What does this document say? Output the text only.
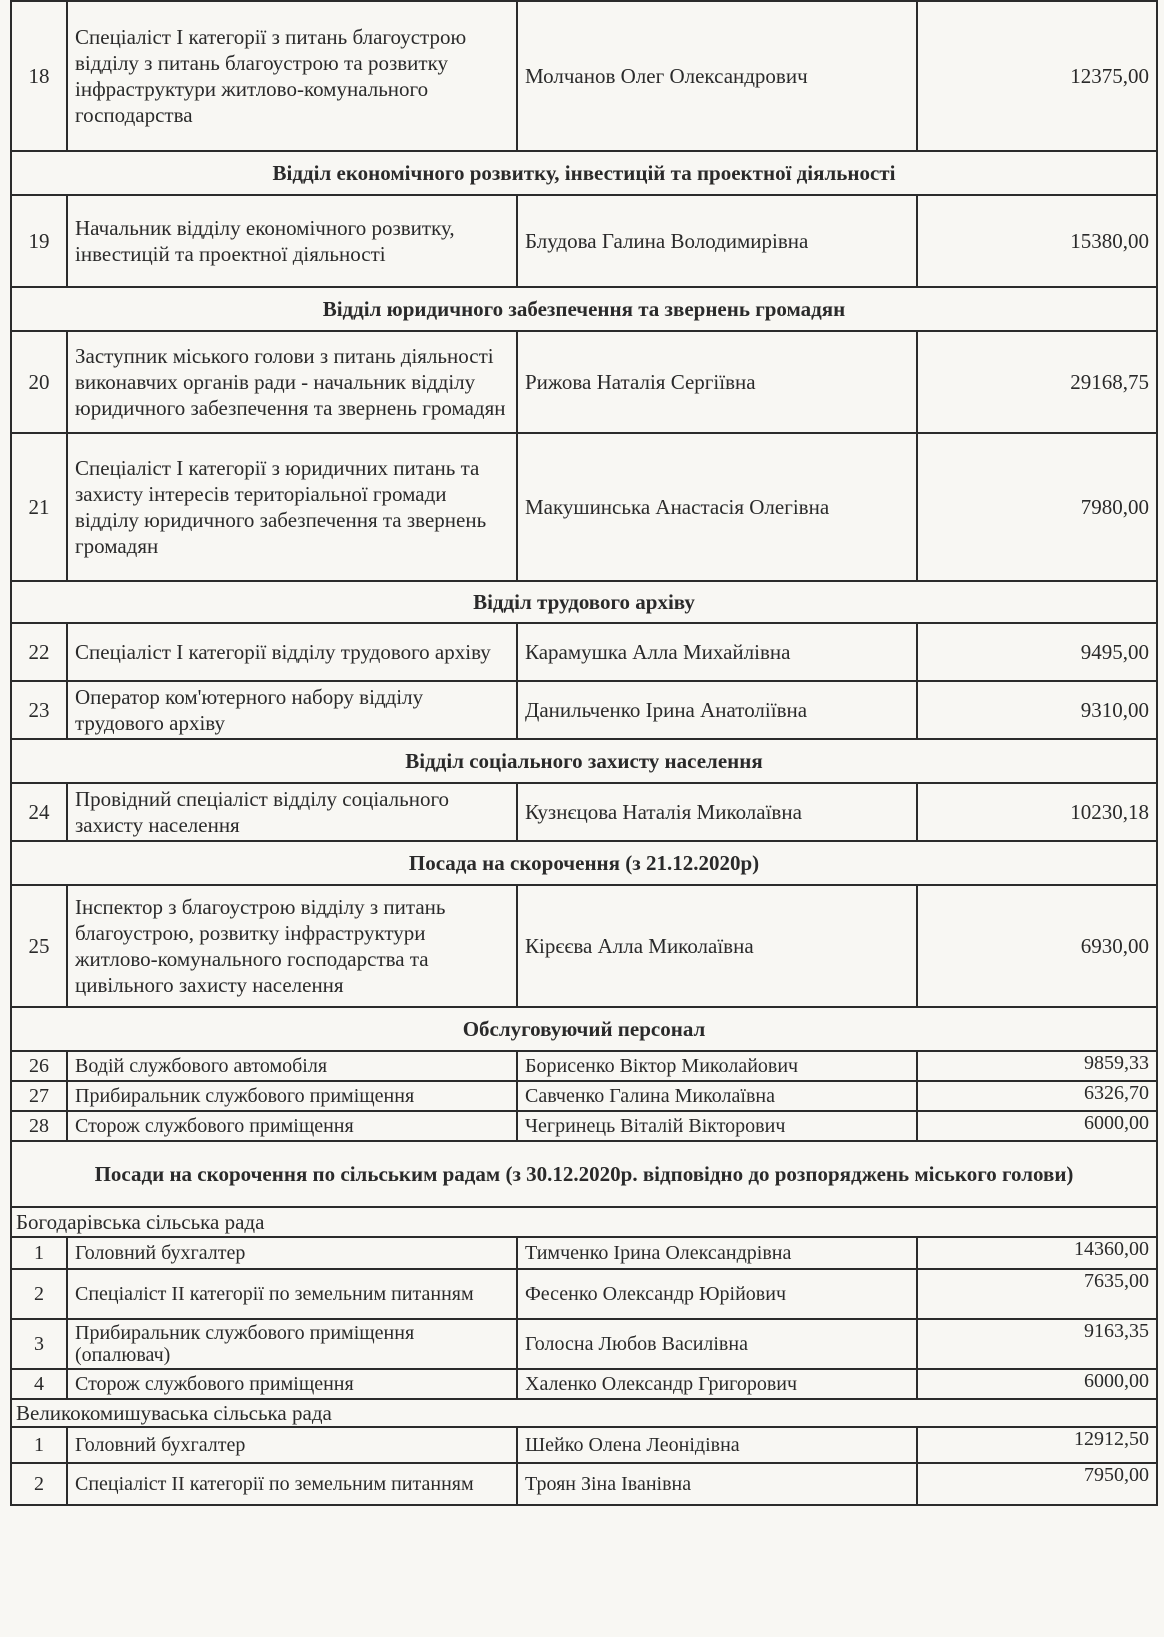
18	Спеціаліст І категорії з питань благоустрою відділу з питань благоустрою та розвитку інфраструктури житлово-комунального господарства	Молчанов Олег Олександрович	12375,00
Відділ економічного розвитку, інвестицій та проектної діяльності			
19	Начальник відділу економічного розвитку, інвестицій та проектної діяльності	Блудова Галина Володимирівна	15380,00
Відділ юридичного забезпечення та звернень громадян			
20	Заступник міського голови з питань діяльності виконавчих органів ради - начальник відділу юридичного забезпечення та звернень громадян	Рижова Наталія Сергіївна	29168,75
21	Спеціаліст І категорії з юридичних питань та захисту інтересів територіальної громади відділу юридичного забезпечення та звернень громадян	Макушинська Анастасія Олегівна	7980,00
Відділ трудового архіву			
22	Спеціаліст І категорії відділу трудового архіву	Карамушка Алла Михайлівна	9495,00
23	Оператор ком'ютерного набору відділу трудового архіву	Данильченко Ірина Анатоліївна	9310,00
Відділ соціального захисту населення			
24	Провідний спеціаліст відділу соціального захисту населення	Кузнєцова Наталія Миколаївна	10230,18
Посада на скорочення (з 21.12.2020р)			
25	Інспектор з благоустрою відділу з питань благоустрою, розвитку інфраструктури житлово-комунального господарства та цивільного захисту населення	Кірєєва Алла Миколаївна	6930,00
Обслуговуючий персонал			
26	Водій службового автомобіля	Борисенко Віктор Миколайович	9859,33
27	Прибиральник службового приміщення	Савченко Галина Миколаївна	6326,70
28	Сторож службового приміщення	Чегринець Віталій Вікторович	6000,00
Посади на скорочення по сільським радам (з 30.12.2020р. відповідно до розпоряджень міського голови)			
Богодарівська сільська рада			
1	Головний бухгалтер	Тимченко Ірина Олександрівна	14360,00
2	Спеціаліст ІІ категорії по земельним питанням	Фесенко Олександр Юрійович	7635,00
3	Прибиральник службового приміщення (опалювач)	Голосна Любов Василівна	9163,35
4	Сторож службового приміщення	Халенко Олександр Григорович	6000,00
Великокомишуваська сільська рада			
1	Головний бухгалтер	Шейко Олена Леонідівна	12912,50
2	Спеціаліст ІІ категорії по земельним питанням	Троян Зіна Іванівна	7950,00
